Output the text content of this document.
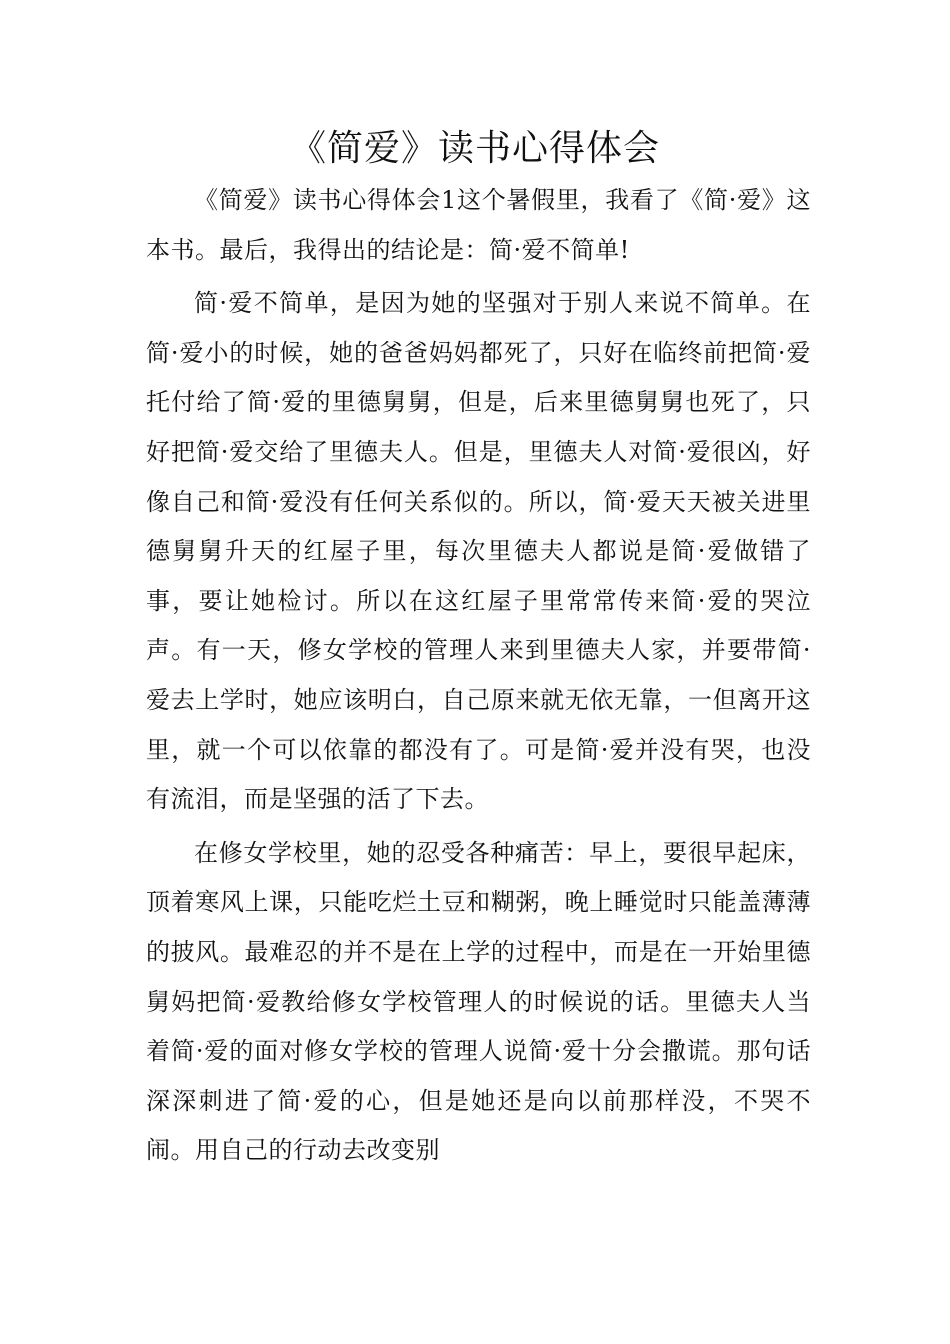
《简爱》读书心得体会

《简爱》读书心得体会1这个暑假里，我看了《简·爱》这本书。最后，我得出的结论是：简·爱不简单!

简·爱不简单，是因为她的坚强对于别人来说不简单。在简·爱小的时候，她的爸爸妈妈都死了，只好在临终前把简·爱托付给了简·爱的里德舅舅，但是，后来里德舅舅也死了，只好把简·爱交给了里德夫人。但是，里德夫人对简·爱很凶，好像自己和简·爱没有任何关系似的。所以，简·爱天天被关进里德舅舅升天的红屋子里，每次里德夫人都说是简·爱做错了事，要让她检讨。所以在这红屋子里常常传来简·爱的哭泣声。有一天，修女学校的管理人来到里德夫人家，并要带简·爱去上学时，她应该明白，自己原来就无依无靠，一但离开这里，就一个可以依靠的都没有了。可是简·爱并没有哭，也没有流泪，而是坚强的活了下去。

在修女学校里，她的忍受各种痛苦：早上，要很早起床，顶着寒风上课，只能吃烂土豆和糊粥，晚上睡觉时只能盖薄薄的披风。最难忍的并不是在上学的过程中，而是在一开始里德舅妈把简·爱教给修女学校管理人的时候说的话。里德夫人当着简·爱的面对修女学校的管理人说简·爱十分会撒谎。那句话深深刺进了简·爱的心，但是她还是向以前那样没，不哭不闹。用自己的行动去改变别
